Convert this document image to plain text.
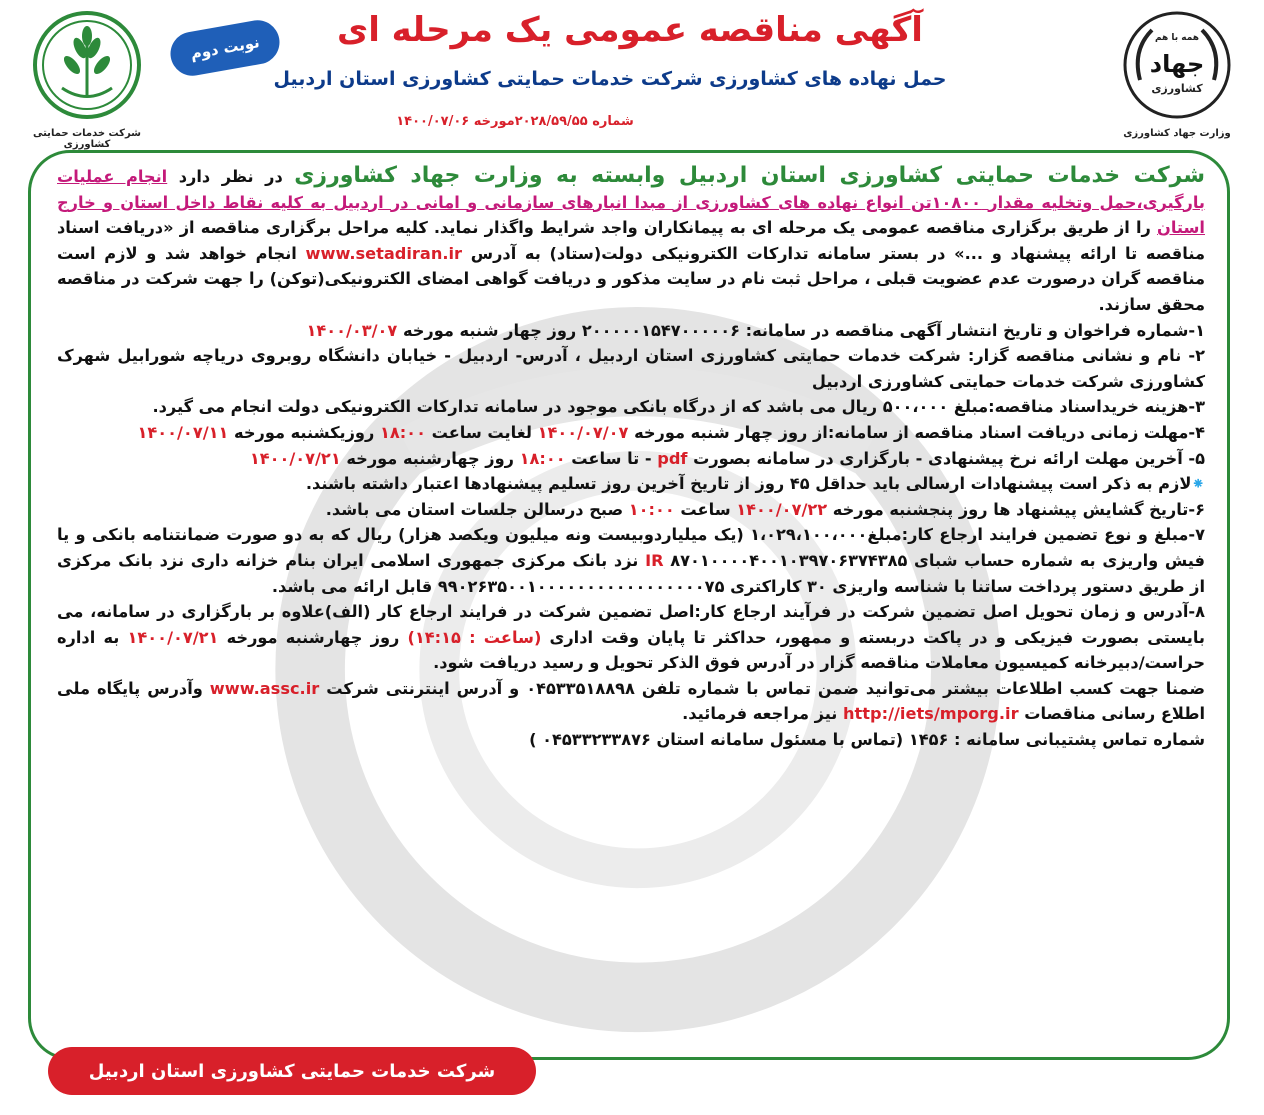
شرکت خدمات حمایتی کشاورزی
نوبت دوم	آگهی مناقصه عمومی یک مرحله ای
حمل نهاده های کشاورزی شرکت خدمات حمایتی کشاورزی استان اردبیل
شماره ۲۰۲۸/۵۹/۵۵مورخه ۱۴۰۰/۰۷/۰۶
همه با هم
جهاد
کشاورزی
وزارت جهاد کشاورزی

شرکت خدمات حمایتی کشاورزی استان اردبیل وابسته به وزارت جهاد کشاورزی در نظر دارد انجام عملیات بارگیری،حمل وتخلیه مقدار ۱۰۸۰۰تن انواع نهاده های کشاورزی از مبدا انبارهای سازمانی و امانی در اردبیل به کلیه نقاط داخل استان و خارج استان را از طریق برگزاری مناقصه عمومی یک مرحله ای به پیمانکاران واجد شرایط واگذار نماید. کلیه مراحل برگزاری مناقصه از «دریافت اسناد مناقصه تا ارائه پیشنهاد و ...» در بستر سامانه تدارکات الکترونیکی دولت(ستاد) به آدرس www.setadiran.ir انجام خواهد شد و لازم است مناقصه گران درصورت عدم عضویت قبلی ، مراحل ثبت نام در سایت مذکور و دریافت گواهی امضای الکترونیکی(توکن) را جهت شرکت در مناقصه محقق سازند.

۱-شماره فراخوان و تاریخ انتشار آگهی مناقصه در سامانه: ۲۰۰۰۰۰۱۵۴۷۰۰۰۰۰۶ روز چهار شنبه مورخه ۱۴۰۰/۰۳/۰۷

۲- نام و نشانی مناقصه گزار: شرکت خدمات حمایتی کشاورزی استان اردبیل ، آدرس- اردبیل - خیابان دانشگاه روبروی دریاچه شورابیل شهرک کشاورزی شرکت خدمات حمایتی کشاورزی اردبیل

۳-هزینه خریداسناد مناقصه:مبلغ ۵۰۰،۰۰۰ ریال می باشد که از درگاه بانکی موجود در سامانه تدارکات الکترونیکی دولت انجام می گیرد.

۴-مهلت زمانی دریافت اسناد مناقصه از سامانه:از روز چهار شنبه مورخه ۱۴۰۰/۰۷/۰۷ لغایت ساعت ۱۸:۰۰ روزیکشنبه مورخه ۱۴۰۰/۰۷/۱۱

۵- آخرین مهلت ارائه نرخ پیشنهادی - بارگزاری در سامانه بصورت pdf - تا ساعت ۱۸:۰۰ روز چهارشنبه مورخه ۱۴۰۰/۰۷/۲۱

⁕لازم به ذکر است پیشنهادات ارسالی باید حداقل ۴۵ روز از تاریخ آخرین روز تسلیم پیشنهادها اعتبار داشته باشند.

۶-تاریخ گشایش پیشنهاد ها روز پنجشنبه مورخه ۱۴۰۰/۰۷/۲۲ ساعت ۱۰:۰۰ صبح درسالن جلسات استان می باشد.

۷-مبلغ و نوع تضمین فرایند ارجاع کار:مبلغ۱،۰۲۹،۱۰۰،۰۰۰ (یک میلیاردوبیست ونه میلیون ویکصد هزار) ریال که به دو صورت ضمانتنامه بانکی و یا فیش واریزی به شماره حساب شبای ۸۷۰۱۰۰۰۰۴۰۰۱۰۳۹۷۰۶۳۷۴۳۸۵ IR نزد بانک مرکزی جمهوری اسلامی ایران بنام خزانه داری نزد بانک مرکزی از طریق دستور پرداخت ساتنا با شناسه واریزی ۳۰ کاراکتری ۹۹۰۲۶۳۵۰۰۱۰۰۰۰۰۰۰۰۰۰۰۰۰۰۰۰۰۷۵ قابل ارائه می باشد.

۸-آدرس و زمان تحویل اصل تضمین شرکت در فرآیند ارجاع کار:اصل تضمین شرکت در فرایند ارجاع کار (الف)علاوه بر بارگزاری در سامانه، می بایستی بصورت فیزیکی و در پاکت دربسته و ممهور، حداکثر تا پایان وقت اداری (ساعت : ۱۴:۱۵) روز چهارشنبه مورخه ۱۴۰۰/۰۷/۲۱ به اداره حراست/دبیرخانه کمیسیون معاملات مناقصه گزار در آدرس فوق الذکر تحویل و رسید دریافت شود.

ضمنا جهت کسب اطلاعات بیشتر می‌توانید ضمن تماس با شماره تلفن ۰۴۵۳۳۵۱۸۸۹۸ و آدرس اینترنتی شرکت www.assc.ir وآدرس پایگاه ملی اطلاع رسانی مناقصات http://iets/mporg.ir نیز مراجعه فرمائید.

شماره تماس پشتیبانی سامانه : ۱۴۵۶ (تماس با مسئول سامانه استان ۰۴۵۳۳۲۳۳۸۷۶ )

شرکت خدمات حمایتی کشاورزی استان اردبیل
